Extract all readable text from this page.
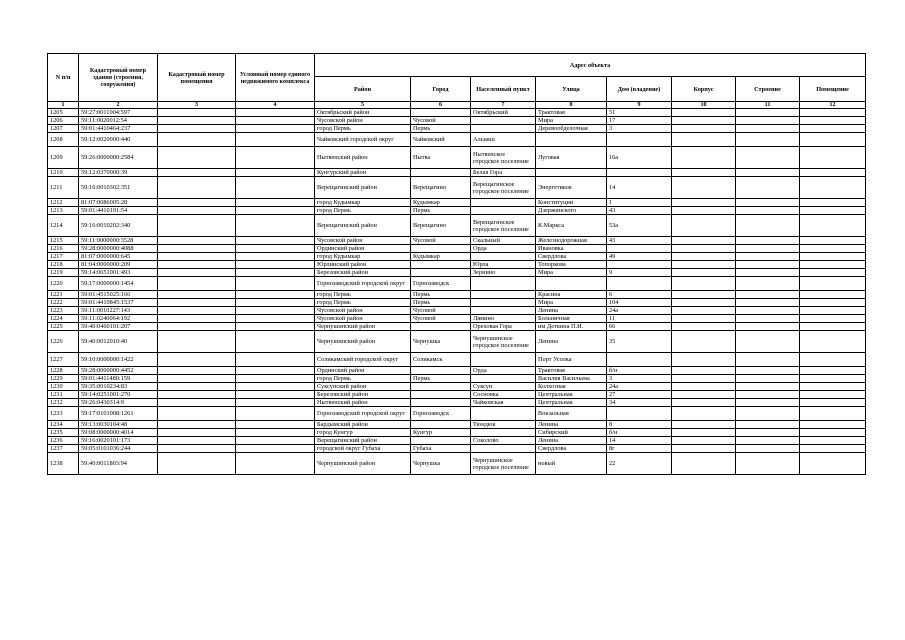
N п/п	Кадастровый номер здания (строения, сооружения)	Кадастровый номер помещения	Условный номер единого недвижимого комплекса	Адрес объекта							
				Район	Город	Населенный пункт	Улица	Дом (владение)	Корпус	Строение	Помещение
1	2	3	4	5	6	7	8	9	10	11	12
1205	59:27:0011004:597			Октябрьский район		Октябрьский	Трактовая	51			
1206	59:11:0020012:54			Чусовской район	Чусовой		Мира	17			
1207	59:01:4410464:237			город Пермь	Пермь		Деревообделочная	3			
1208	59:12:0020000:440			Чайковский городской округ	Чайковский	Альняш					
1209	59:26:0000000:2584			Нытвенский район	Нытва	Нытвенское городское поселение	Луговая	16а			
1210	59:12:0370000:39			Кунгурский район		Белая Гора					
1211	59:16:0010302:351			Верещагинский район	Верещагино	Верещагинское городское поселение	Энергетиков	14			
1212	81:07:0086005:28			город Кудымкар	Кудымкар		Конституции	1			
1213	59:01:4410191:54			город Пермь	Пермь		Дзержинского	43			
1214	59:16:0010202:340			Верещагинский район	Верещагино	Верещагинское городское поселение	К.Маркса	53а			
1215	59:11:0000000:3528			Чусовской район	Чусовой	Скальный	Железнодорожная	43			
1216	59:28:0000000:4088			Ординский район		Орда	Ивановка				
1217	81:07:0000000:645			город Кудымкар	Кудымкар		Свердлова	49			
1218	81:04:0000000:209			Юрлинский район		Юрла	Топоркова				
1219	59:14:0651001:493			Березовский район		Зернино	Мира	9			
1220	59:17:0000000:1454			Горнозаводский городской округ	Горнозаводск						
1221	59:01:4515025:166			город Пермь	Пермь		Красина	6			
1222	59:01:4410845:1537			город Пермь	Пермь		Мира	104			
1223	59:11:0010227:143			Чусовской район	Чусовой		Ленина	24а			
1224	59:11:0240064:192			Чусовской район	Чусовой	Лямино	Больничная	11			
1225	59:40:0460101:207			Чернушинский район		Ореховая Гора	им Деткина П.И.	66			
1226	59:40:0012010:40			Чернушинский район	Чернушка	Чернушинское городское поселение	Ленина	35			
1227	59:10:0000000:1422			Соликамский городской округ	Соликамск		Порт Усолка				
1228	59:28:0000000:4452			Ординский район		Орда	Трактовая	б/н			
1229	59:01:4411480:159			город Пермь	Пермь		Василия Васильева	3			
1230	59:35:0010234:83			Суксунский район		Суксун	Колхозная	24а			
1231	59:14:0251001:270			Березовский район		Сосновка	Центральная	27			
1232	59:26:0430314:9			Нытвенский район		Чайковская	Центральная	34			
1233	59:17:0101008:1261			Горнозаводский городской округ	Горнозаводск		Вокзальная				
1234	59:13:0030104:48			Бардымский район		Тюндюк	Ленина	8			
1235	59:08:0000000:4014			город Кунгур	Кунгур		Сибирский	б/н			
1236	59:16:0020101:173			Верещагинский район		Соколово	Ленина	14			
1237	59:05:0101036:244			городской округ Губаха	Губаха		Свердлова	8г			
1238	59:40:0011803:94			Чернушинский район	Чернушка	Чернушинское городское поселение	новый	22			
